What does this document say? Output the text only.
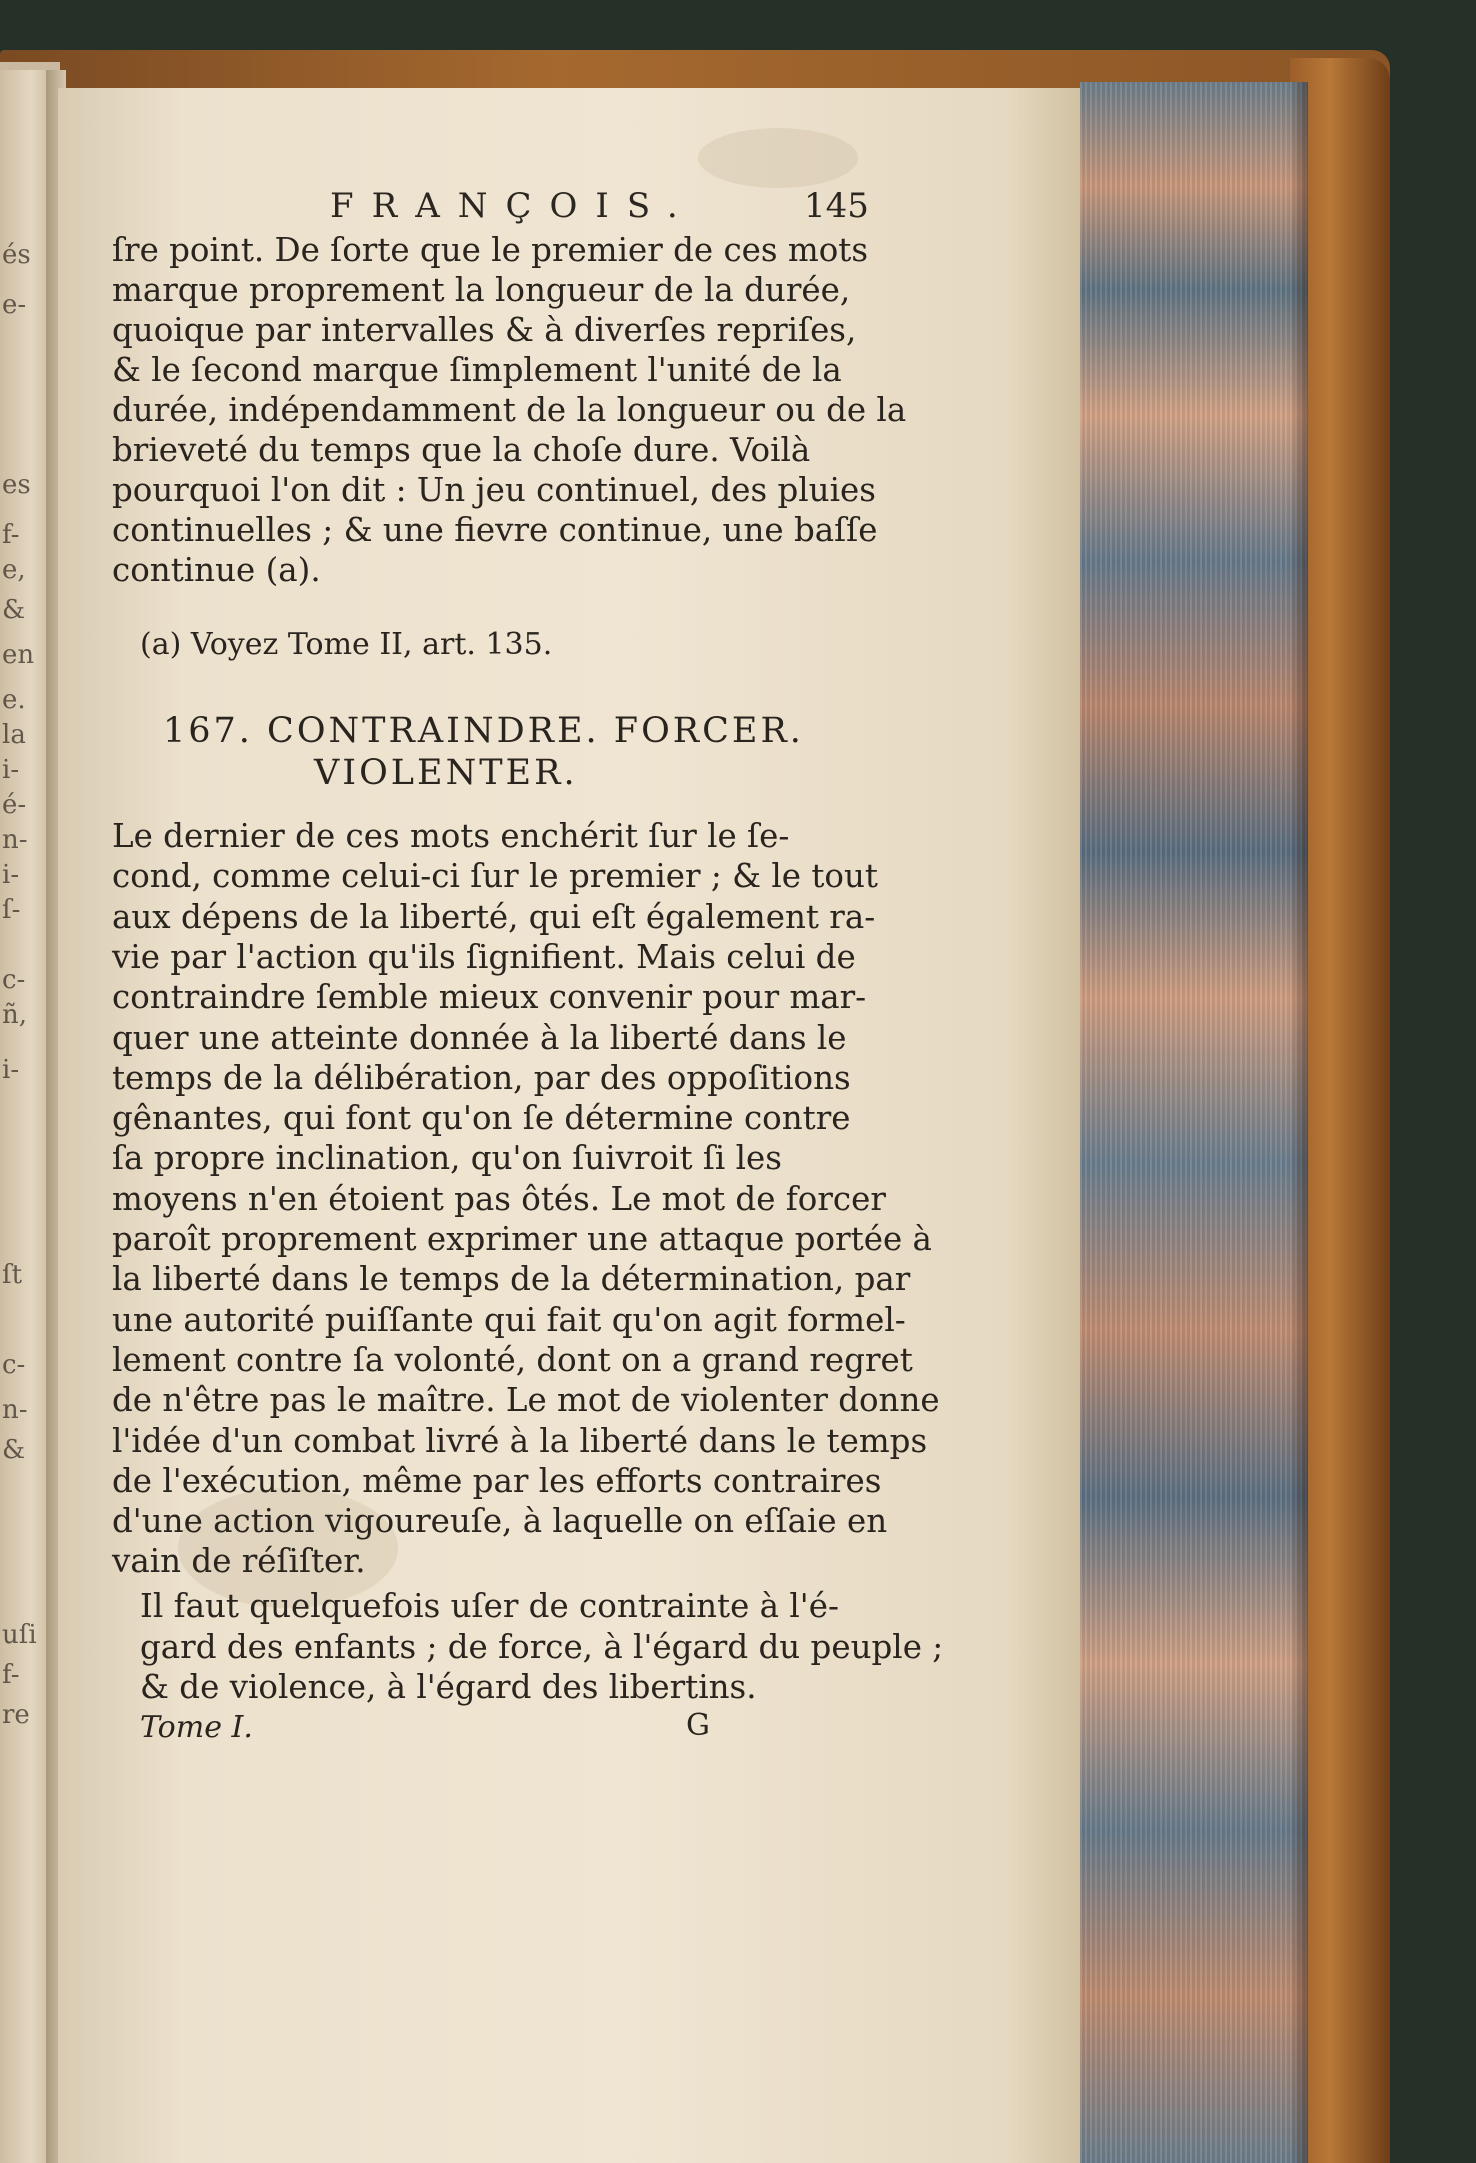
és
e-
es
f-
e,
&
en
e.
la
i-
é-
n-
i-
ſ-
c-
ñ,
i-
ſt
c-
n-
&
uſi
f-
re
FRANÇOIS.	145
ſre point. De ſorte que le premier de ces mots
marque proprement la longueur de la durée,
quoique par intervalles & à diverſes repriſes,
& le ſecond marque ſimplement l'unité de la
durée, indépendamment de la longueur ou de la
brieveté du temps que la choſe dure. Voilà
pourquoi l'on dit : Un jeu continuel, des pluies
continuelles ; & une fievre continue, une baſſe
continue (a).
(a) Voyez Tome II, art. 135.
167. CONTRAINDRE. FORCER.
VIOLENTER.
Le dernier de ces mots enchérit ſur le ſe-
cond, comme celui-ci ſur le premier ; & le tout
aux dépens de la liberté, qui eſt également ra-
vie par l'action qu'ils ſignifient. Mais celui de
contraindre ſemble mieux convenir pour mar-
quer une atteinte donnée à la liberté dans le
temps de la délibération, par des oppoſitions
gênantes, qui font qu'on ſe détermine contre
ſa propre inclination, qu'on ſuivroit ſi les
moyens n'en étoient pas ôtés. Le mot de forcer
paroît proprement exprimer une attaque portée à
la liberté dans le temps de la détermination, par
une autorité puiſſante qui fait qu'on agit formel-
lement contre ſa volonté, dont on a grand regret
de n'être pas le maître. Le mot de violenter donne
l'idée d'un combat livré à la liberté dans le temps
de l'exécution, même par les efforts contraires
d'une action vigoureuſe, à laquelle on eſſaie en
vain de réſiſter.
Il faut quelquefois uſer de contrainte à l'é-
gard des enfants ; de force, à l'égard du peuple ;
& de violence, à l'égard des libertins.
Tome I.	G
